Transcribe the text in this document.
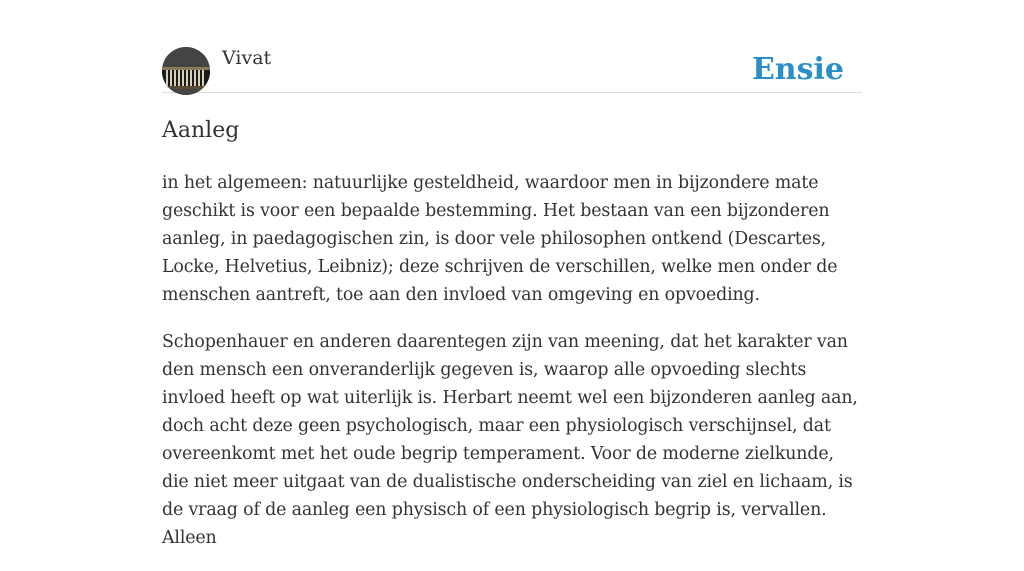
Vivat	Ensie
Aanleg

in het algemeen: natuurlijke gesteldheid, waardoor men in bijzondere mate geschikt is voor een bepaalde bestemming. Het bestaan van een bijzonderen aanleg, in paedagogischen zin, is door vele philosophen ontkend (Descartes, Locke, Helvetius, Leibniz); deze schrijven de verschillen, welke men onder de menschen aantreft, toe aan den invloed van omgeving en opvoeding.

Schopenhauer en anderen daarentegen zijn van meening, dat het karakter van den mensch een onveranderlijk gegeven is, waarop alle opvoeding slechts invloed heeft op wat uiterlijk is. Herbart neemt wel een bijzonderen aanleg aan, doch acht deze geen psychologisch, maar een physiologisch verschijnsel, dat overeenkomt met het oude begrip temperament. Voor de moderne zielkunde, die niet meer uitgaat van de dualistische onderscheiding van ziel en lichaam, is de vraag of de aanleg een physisch of een physiologisch begrip is, vervallen. Alleen
